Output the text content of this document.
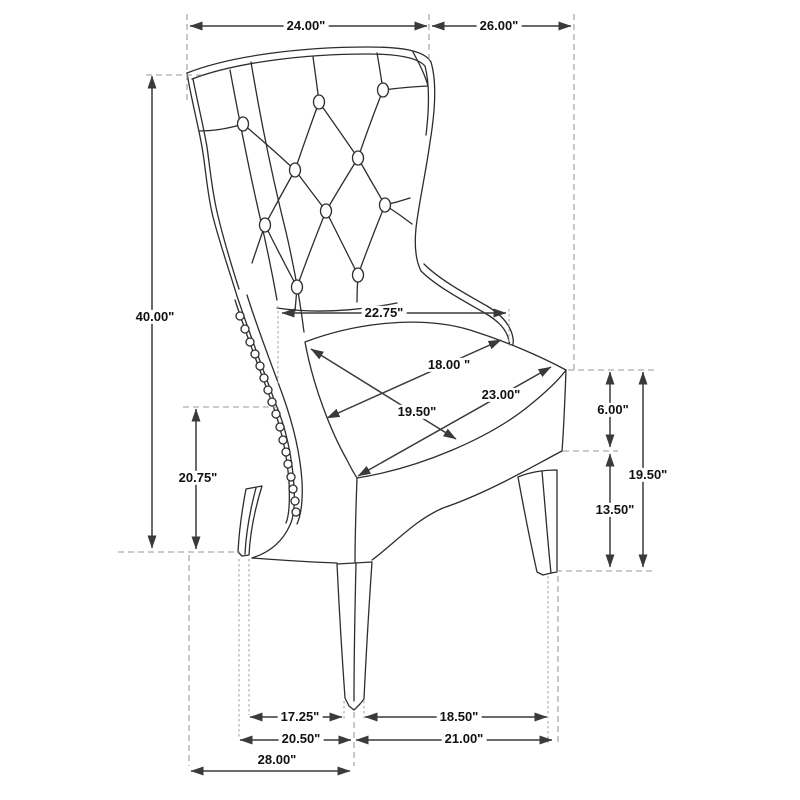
24.00"	26.00"
40.00"	22.75"
18.00 "
19.50"
23.00"
20.75"
6.00"
19.50"
13.50"
17.25"	18.50"
20.50"	21.00"
28.00"
